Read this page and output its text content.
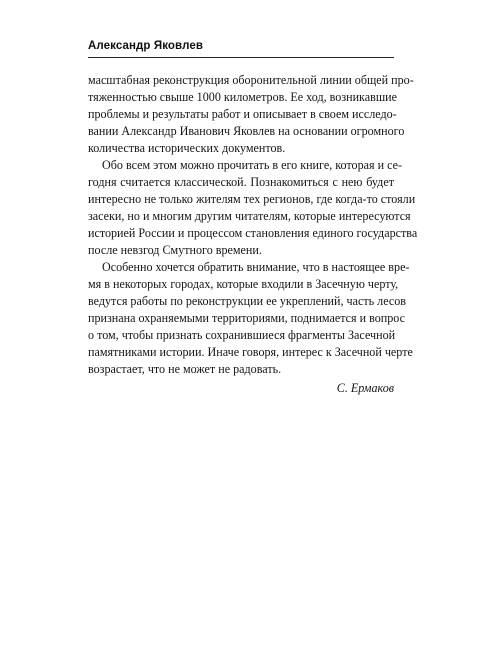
Александр Яковлев

масштабная реконструкция оборонительной линии общей про-
тяженностью свыше 1000 километров. Ее ход, возникавшие
проблемы и результаты работ и описывает в своем исследо-
вании Александр Иванович Яковлев на основании огромного
количества исторических документов.

Обо всем этом можно прочитать в его книге, которая и се-
годня считается классической. Познакомиться с нею будет
интересно не только жителям тех регионов, где когда-то стояли
засеки, но и многим другим читателям, которые интересуются
историей России и процессом становления единого государства
после невзгод Смутного времени.

Особенно хочется обратить внимание, что в настоящее вре-
мя в некоторых городах, которые входили в Засечную черту,
ведутся работы по реконструкции ее укреплений, часть лесов
признана охраняемыми территориями, поднимается и вопрос
о том, чтобы признать сохранившиеся фрагменты Засечной
памятниками истории. Иначе говоря, интерес к Засечной черте
возрастает, что не может не радовать.

С. Ермаков
